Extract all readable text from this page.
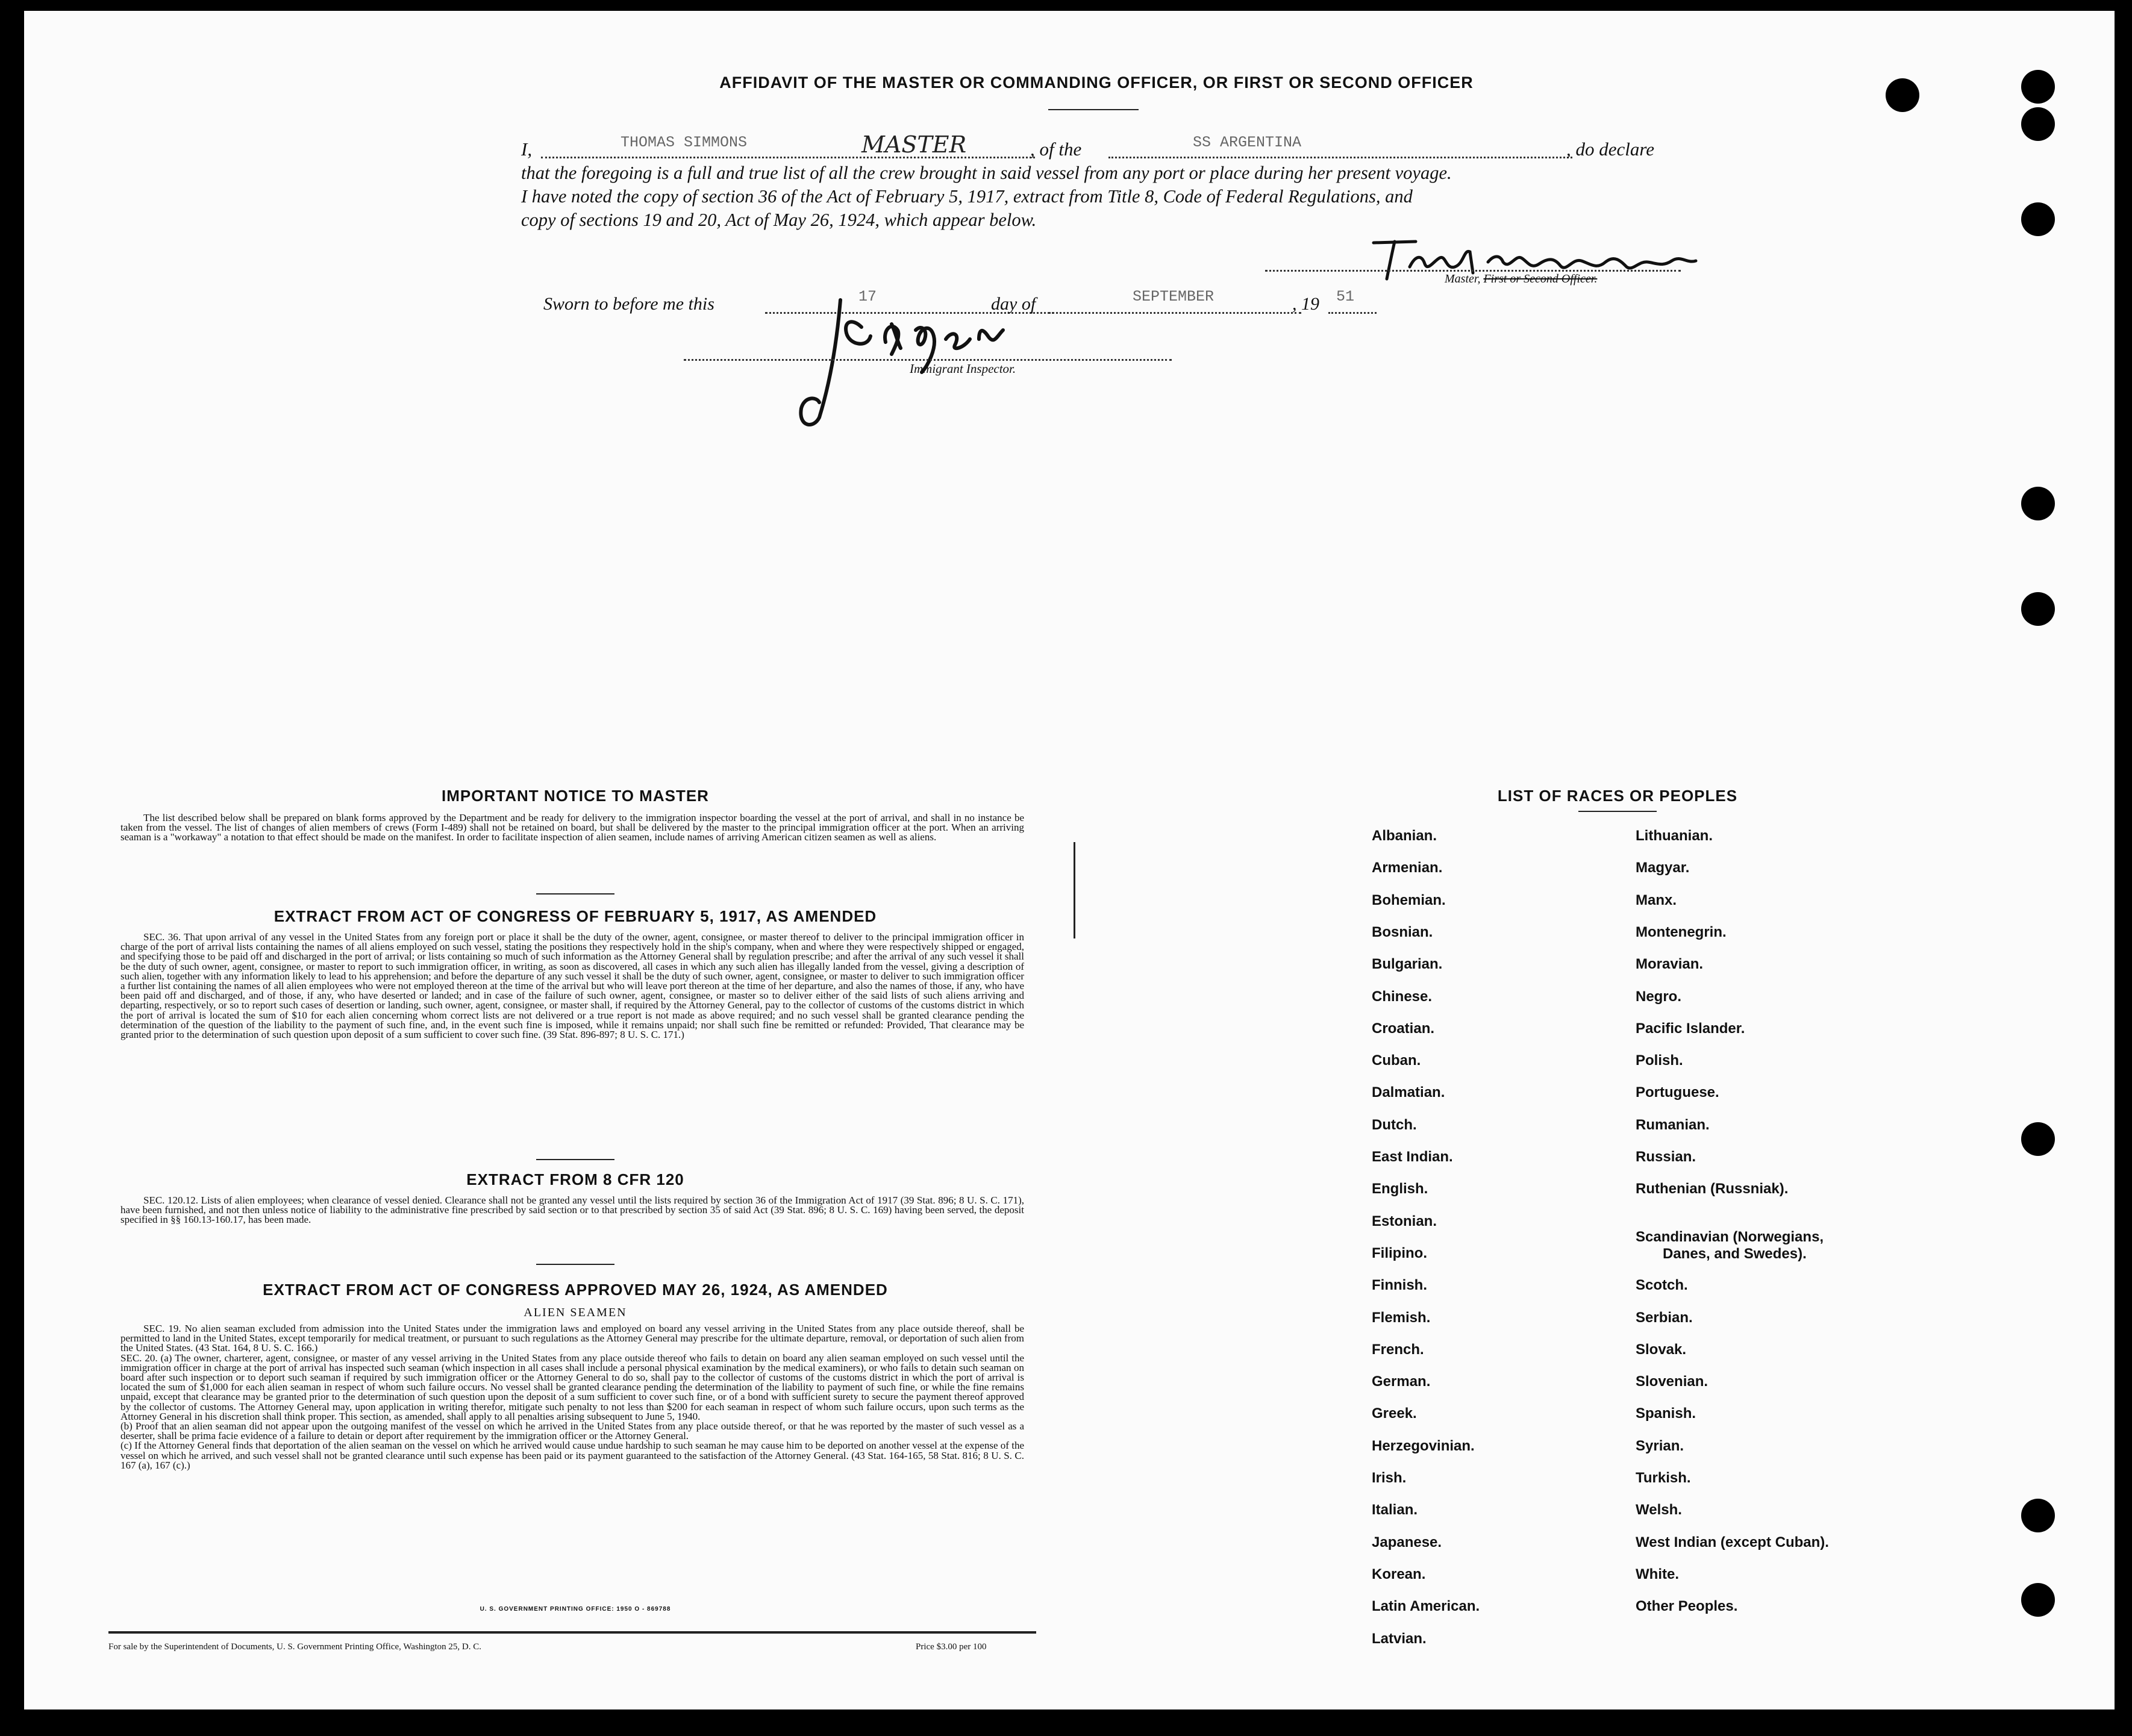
AFFIDAVIT OF THE MASTER OR COMMANDING OFFICER, OR FIRST OR SECOND OFFICER
I,	THOMAS SIMMONS	MASTER	, of the	SS ARGENTINA	, do declare
that the foregoing is a full and true list of all the crew brought in said vessel from any port or place during her present voyage.
I have noted the copy of section 36 of the Act of February 5, 1917, extract from Title 8, Code of Federal Regulations, and
copy of sections 19 and 20, Act of May 26, 1924, which appear below.
Master, First or Second Officer.
Sworn to before me this	17	day of	SEPTEMBER	, 19 51
Immigrant Inspector.
IMPORTANT NOTICE TO MASTER
The list described below shall be prepared on blank forms approved by the Department and be ready for delivery to the immigration inspector boarding the vessel at the port of arrival, and shall in no instance be taken from the vessel. The list of changes of alien members of crews (Form I-489) shall not be retained on board, but shall be delivered by the master to the principal immigration officer at the port. When an arriving seaman is a "workaway" a notation to that effect should be made on the manifest. In order to facilitate inspection of alien seamen, include names of arriving American citizen seamen as well as aliens.
EXTRACT FROM ACT OF CONGRESS OF FEBRUARY 5, 1917, AS AMENDED
SEC. 36. That upon arrival of any vessel in the United States from any foreign port or place it shall be the duty of the owner, agent, consignee, or master thereof to deliver to the principal immigration officer in charge of the port of arrival lists containing the names of all aliens employed on such vessel, stating the positions they respectively hold in the ship's company, when and where they were respectively shipped or engaged, and specifying those to be paid off and discharged in the port of arrival; or lists containing so much of such information as the Attorney General shall by regulation prescribe; and after the arrival of any such vessel it shall be the duty of such owner, agent, consignee, or master to report to such immigration officer, in writing, as soon as discovered, all cases in which any such alien has illegally landed from the vessel, giving a description of such alien, together with any information likely to lead to his apprehension; and before the departure of any such vessel it shall be the duty of such owner, agent, consignee, or master to deliver to such immigration officer a further list containing the names of all alien employees who were not employed thereon at the time of the arrival but who will leave port thereon at the time of her departure, and also the names of those, if any, who have been paid off and discharged, and of those, if any, who have deserted or landed; and in case of the failure of such owner, agent, consignee, or master so to deliver either of the said lists of such aliens arriving and departing, respectively, or so to report such cases of desertion or landing, such owner, agent, consignee, or master shall, if required by the Attorney General, pay to the collector of customs of the customs district in which the port of arrival is located the sum of $10 for each alien concerning whom correct lists are not delivered or a true report is not made as above required; and no such vessel shall be granted clearance pending the determination of the question of the liability to the payment of such fine, and, in the event such fine is imposed, while it remains unpaid; nor shall such fine be remitted or refunded: Provided, That clearance may be granted prior to the determination of such question upon deposit of a sum sufficient to cover such fine. (39 Stat. 896-897; 8 U. S. C. 171.)
EXTRACT FROM 8 CFR 120
SEC. 120.12. Lists of alien employees; when clearance of vessel denied. Clearance shall not be granted any vessel until the lists required by section 36 of the Immigration Act of 1917 (39 Stat. 896; 8 U. S. C. 171), have been furnished, and not then unless notice of liability to the administrative fine prescribed by said section or to that prescribed by section 35 of said Act (39 Stat. 896; 8 U. S. C. 169) having been served, the deposit specified in §§ 160.13-160.17, has been made.
EXTRACT FROM ACT OF CONGRESS APPROVED MAY 26, 1924, AS AMENDED
ALIEN SEAMEN
SEC. 19. No alien seaman excluded from admission into the United States under the immigration laws and employed on board any vessel arriving in the United States from any place outside thereof, shall be permitted to land in the United States, except temporarily for medical treatment, or pursuant to such regulations as the Attorney General may prescribe for the ultimate departure, removal, or deportation of such alien from the United States. (43 Stat. 164, 8 U. S. C. 166.)
SEC. 20. (a) The owner, charterer, agent, consignee, or master of any vessel arriving in the United States from any place outside thereof who fails to detain on board any alien seaman employed on such vessel until the immigration officer in charge at the port of arrival has inspected such seaman (which inspection in all cases shall include a personal physical examination by the medical examiners), or who fails to detain such seaman on board after such inspection or to deport such seaman if required by such immigration officer or the Attorney General to do so, shall pay to the collector of customs of the customs district in which the port of arrival is located the sum of $1,000 for each alien seaman in respect of whom such failure occurs. No vessel shall be granted clearance pending the determination of the liability to payment of such fine, or while the fine remains unpaid, except that clearance may be granted prior to the determination of such question upon the deposit of a sum sufficient to cover such fine, or of a bond with sufficient surety to secure the payment thereof approved by the collector of customs. The Attorney General may, upon application in writing therefor, mitigate such penalty to not less than $200 for each seaman in respect of whom such failure occurs, upon such terms as the Attorney General in his discretion shall think proper. This section, as amended, shall apply to all penalties arising subsequent to June 5, 1940.
(b) Proof that an alien seaman did not appear upon the outgoing manifest of the vessel on which he arrived in the United States from any place outside thereof, or that he was reported by the master of such vessel as a deserter, shall be prima facie evidence of a failure to detain or deport after requirement by the immigration officer or the Attorney General.
(c) If the Attorney General finds that deportation of the alien seaman on the vessel on which he arrived would cause undue hardship to such seaman he may cause him to be deported on another vessel at the expense of the vessel on which he arrived, and such vessel shall not be granted clearance until such expense has been paid or its payment guaranteed to the satisfaction of the Attorney General. (43 Stat. 164-165, 58 Stat. 816; 8 U. S. C. 167 (a), 167 (c).)
U. S. GOVERNMENT PRINTING OFFICE: 1950 O - 869788
For sale by the Superintendent of Documents, U. S. Government Printing Office, Washington 25, D. C.	Price $3.00 per 100
LIST OF RACES OR PEOPLES
Albanian.
Armenian.
Bohemian.
Bosnian.
Bulgarian.
Chinese.
Croatian.
Cuban.
Dalmatian.
Dutch.
East Indian.
English.
Estonian.
Filipino.
Finnish.
Flemish.
French.
German.
Greek.
Herzegovinian.
Irish.
Italian.
Japanese.
Korean.
Latin American.
Latvian.
Lithuanian.
Magyar.
Manx.
Montenegrin.
Moravian.
Negro.
Pacific Islander.
Polish.
Portuguese.
Rumanian.
Russian.
Ruthenian (Russniak).
Scandinavian (Norwegians,
Danes, and Swedes).
Scotch.
Serbian.
Slovak.
Slovenian.
Spanish.
Syrian.
Turkish.
Welsh.
West Indian (except Cuban).
White.
Other Peoples.
